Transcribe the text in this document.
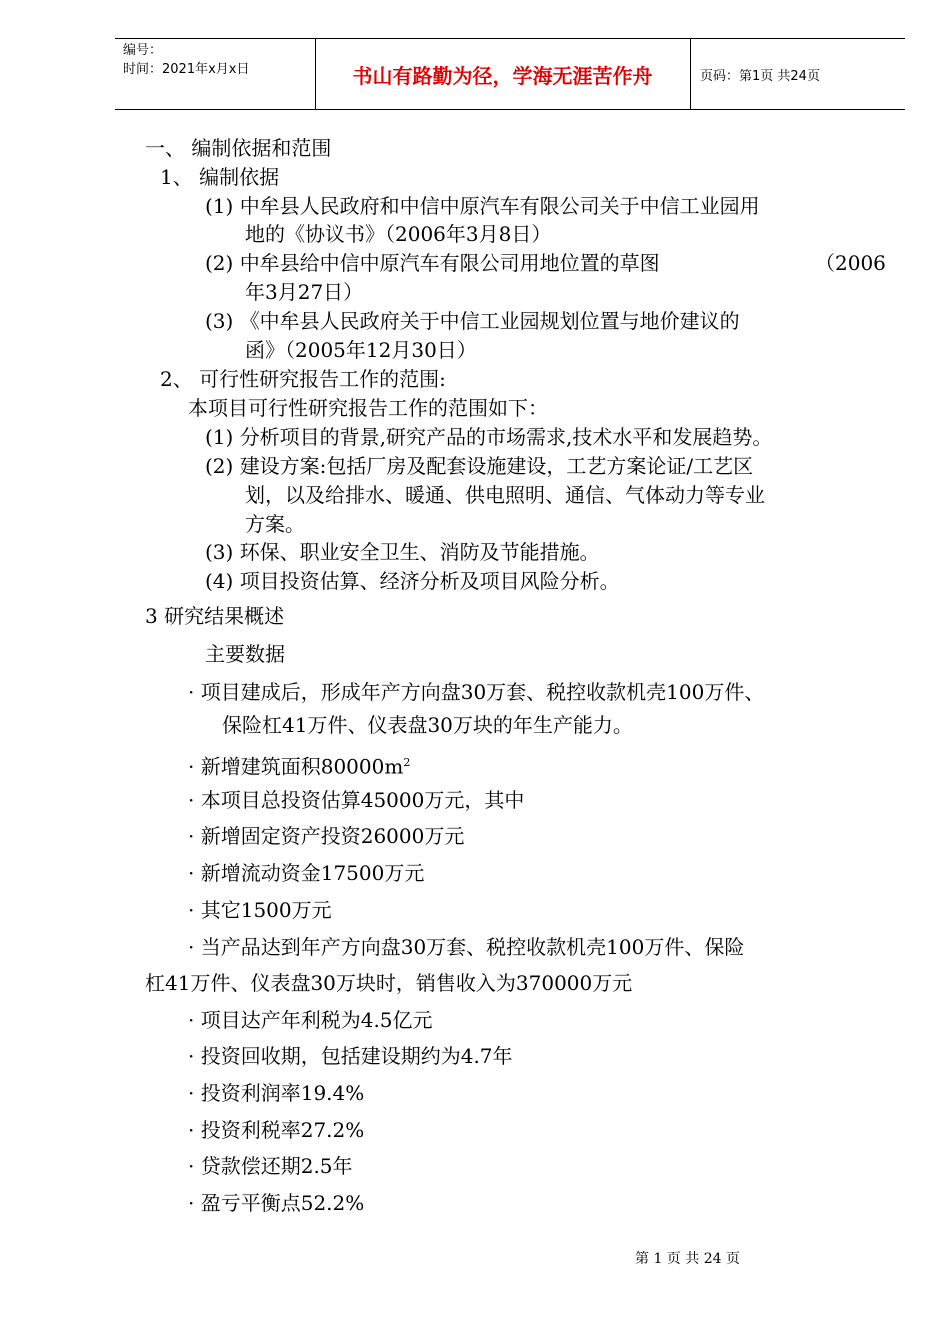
编号：
时间：2021年x月x日	书山有路勤为径，学海无涯苦作舟	页码：第1页 共24页
一、 编制依据和范围
1、 编制依据
(1) 中牟县人民政府和中信中原汽车有限公司关于中信工业园用
地的《协议书》（2006年3月8日）
(2) 中牟县给中信中原汽车有限公司用地位置的草图	（2006
年3月27日）
(3) 《中牟县人民政府关于中信工业园规划位置与地价建议的
函》（2005年12月30日）
2、 可行性研究报告工作的范围:
本项目可行性研究报告工作的范围如下：
(1) 分析项目的背景,研究产品的市场需求,技术水平和发展趋势。
(2) 建设方案:包括厂房及配套设施建设，工艺方案论证/工艺区
划，以及给排水、暖通、供电照明、通信、气体动力等专业
方案。
(3) 环保、职业安全卫生、消防及节能措施。
(4) 项目投资估算、经济分析及项目风险分析。
3 研究结果概述
主要数据
· 项目建成后，形成年产方向盘30万套、税控收款机壳100万件、
保险杠41万件、仪表盘30万块的年生产能力。
· 新增建筑面积$80000m^2$
· 本项目总投资估算45000万元，其中
· 新增固定资产投资26000万元
· 新增流动资金17500万元
· 其它1500万元
· 当产品达到年产方向盘30万套、税控收款机壳100万件、保险
杠41万件、仪表盘30万块时，销售收入为370000万元
· 项目达产年利税为4.5亿元
· 投资回收期，包括建设期约为4.7年
· 投资利润率19.4%
· 投资利税率27.2%
· 贷款偿还期2.5年
· 盈亏平衡点52.2%
第 1 页 共 24 页
